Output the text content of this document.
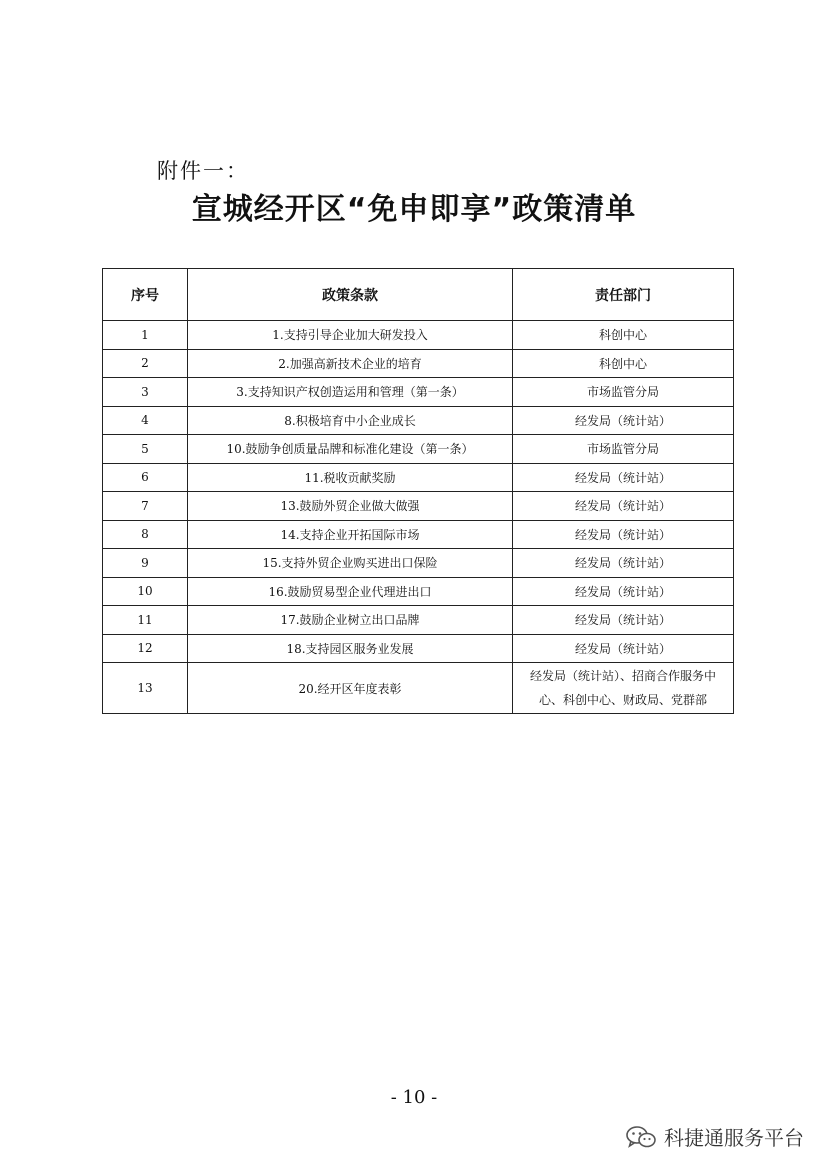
附件一：
宣城经开区“免申即享”政策清单
序号	政策条款	责任部门
1	1.支持引导企业加大研发投入	科创中心
2	2.加强高新技术企业的培育	科创中心
3	3.支持知识产权创造运用和管理（第一条）	市场监管分局
4	8.积极培育中小企业成长	经发局（统计站）
5	10.鼓励争创质量品牌和标准化建设（第一条）	市场监管分局
6	11.税收贡献奖励	经发局（统计站）
7	13.鼓励外贸企业做大做强	经发局（统计站）
8	14.支持企业开拓国际市场	经发局（统计站）
9	15.支持外贸企业购买进出口保险	经发局（统计站）
10	16.鼓励贸易型企业代理进出口	经发局（统计站）
11	17.鼓励企业树立出口品牌	经发局（统计站）
12	18.支持园区服务业发展	经发局（统计站）
13	20.经开区年度表彰	经发局（统计站）、招商合作服务中心、科创中心、财政局、党群部
- 10 -
科捷通服务平台
